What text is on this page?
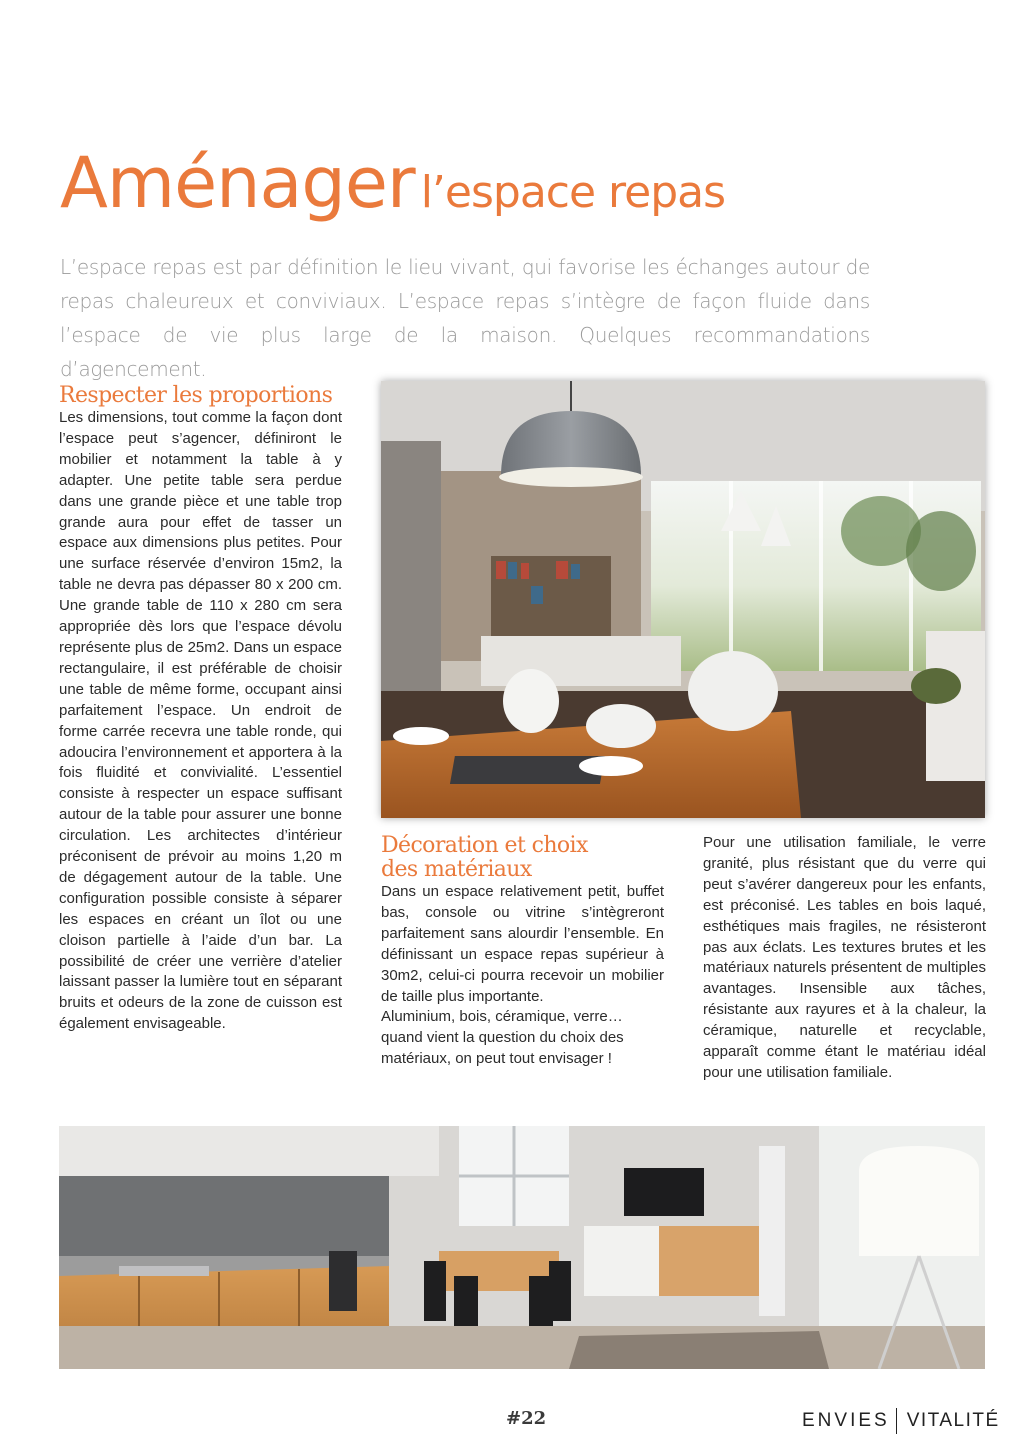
Aménager l’espace repas

L’espace repas est par définition le lieu vivant, qui favorise les échanges autour de repas chaleureux et conviviaux. L’espace repas s’intègre de façon fluide dans l’espace de vie plus large de la maison. Quelques recommandations d’agencement.

Respecter les proportions

Les dimensions, tout comme la façon dont l’espace peut s’agencer, définiront le mobilier et notamment la table à y adapter. Une petite table sera perdue dans une grande pièce et une table trop grande aura pour effet de tasser un espace aux dimensions plus petites. Pour une surface réservée d’environ 15m2, la table ne devra pas dépasser 80 x 200 cm. Une grande table de 110 x 280 cm sera appropriée dès lors que l’espace dévolu représente plus de 25m2. Dans un espace rectangulaire, il est préférable de choisir une table de même forme, occupant ainsi parfaitement l’espace. Un endroit de forme carrée recevra une table ronde, qui adoucira l’environnement et apportera à la fois fluidité et convivialité. L’essentiel consiste à respecter un espace suffisant autour de la table pour assurer une bonne circulation. Les architectes d’intérieur préconisent de prévoir au moins 1,20 m de dégagement autour de la table. Une configuration possible consiste à séparer les espaces en créant un îlot ou une cloison partielle à l’aide d’un bar. La possibilité de créer une verrière d’atelier laissant passer la lumière tout en séparant bruits et odeurs de la zone de cuisson est également envisageable.

Décoration et choix
des matériaux

Dans un espace relativement petit, buffet bas, console ou vitrine s’intègreront parfaitement sans alourdir l’ensemble. En définissant un espace repas supérieur à 30m2, celui-ci pourra recevoir un mobilier de taille plus importante.

Aluminium, bois, céramique, verre… quand vient la question du choix des matériaux, on peut tout envisager !

Pour une utilisation familiale, le verre granité, plus résistant que du verre qui peut s’avérer dangereux pour les enfants, est préconisé. Les tables en bois laqué, esthétiques mais fragiles, ne résisteront pas aux éclats. Les textures brutes et les matériaux naturels présentent de multiples avantages. Insensible aux tâches, résistante aux rayures et à la chaleur, la céramique, naturelle et recyclable, apparaît comme étant le matériau idéal pour une utilisation familiale.

#22	ENVIES VITALITÉ
